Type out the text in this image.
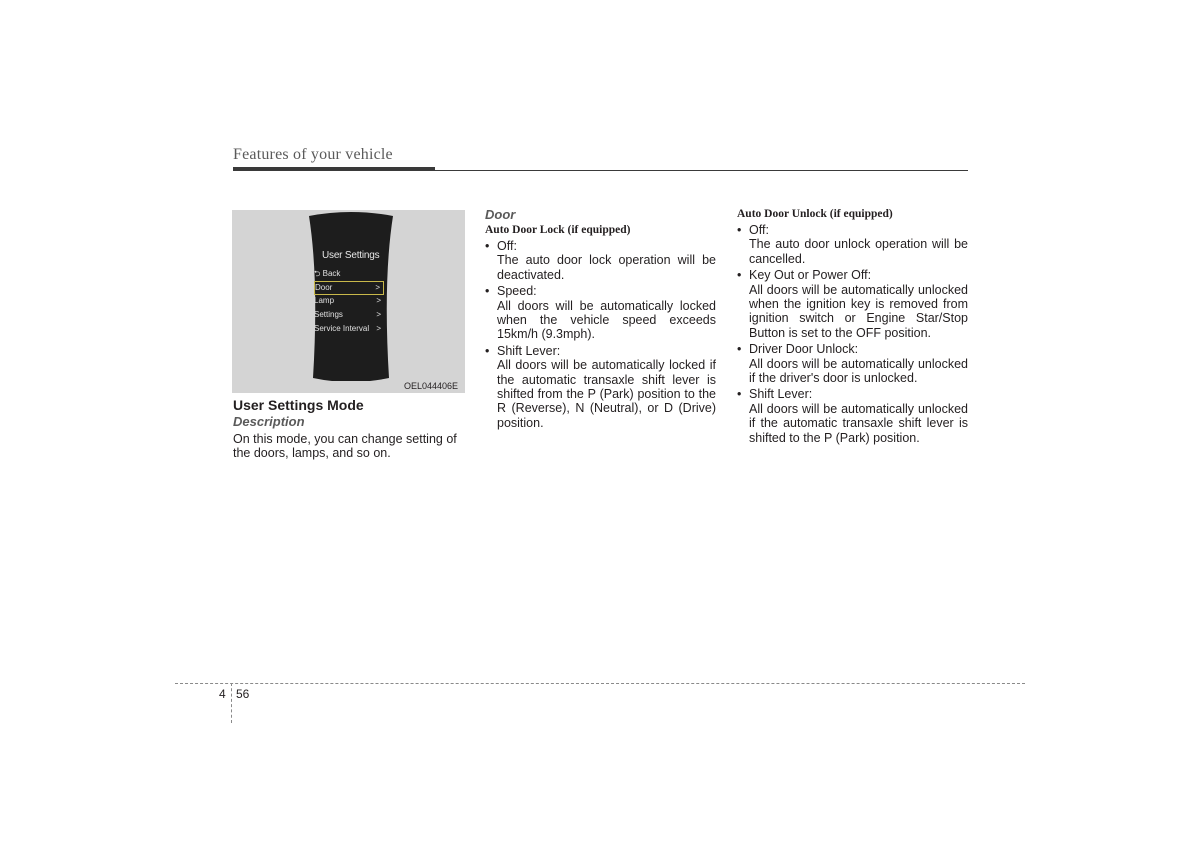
Features of your vehicle
User Settings
⮌ Back
Door	>
Lamp	>
Settings	>
Service Interval >
OEL044406E
User Settings Mode
Description
On this mode, you can change setting of the doors, lamps, and so on.
Door
Auto Door Lock (if equipped)
• Off:
The auto door lock operation will be deactivated.
• Speed:
All doors will be automatically locked when the vehicle speed exceeds 15km/h (9.3mph).
• Shift Lever:
All doors will be automatically locked if the automatic transaxle shift lever is shifted from the P (Park) position to the R (Reverse), N (Neutral), or D (Drive) position.
Auto Door Unlock (if equipped)
• Off:
The auto door unlock operation will be cancelled.
• Key Out or Power Off:
All doors will be automatically unlocked when the ignition key is removed from ignition switch or Engine Star/Stop Button is set to the OFF position.
• Driver Door Unlock:
All doors will be automatically unlocked if the driver's door is unlocked.
• Shift Lever:
All doors will be automatically unlocked if the automatic transaxle shift lever is shifted to the P (Park) position.
4 56
